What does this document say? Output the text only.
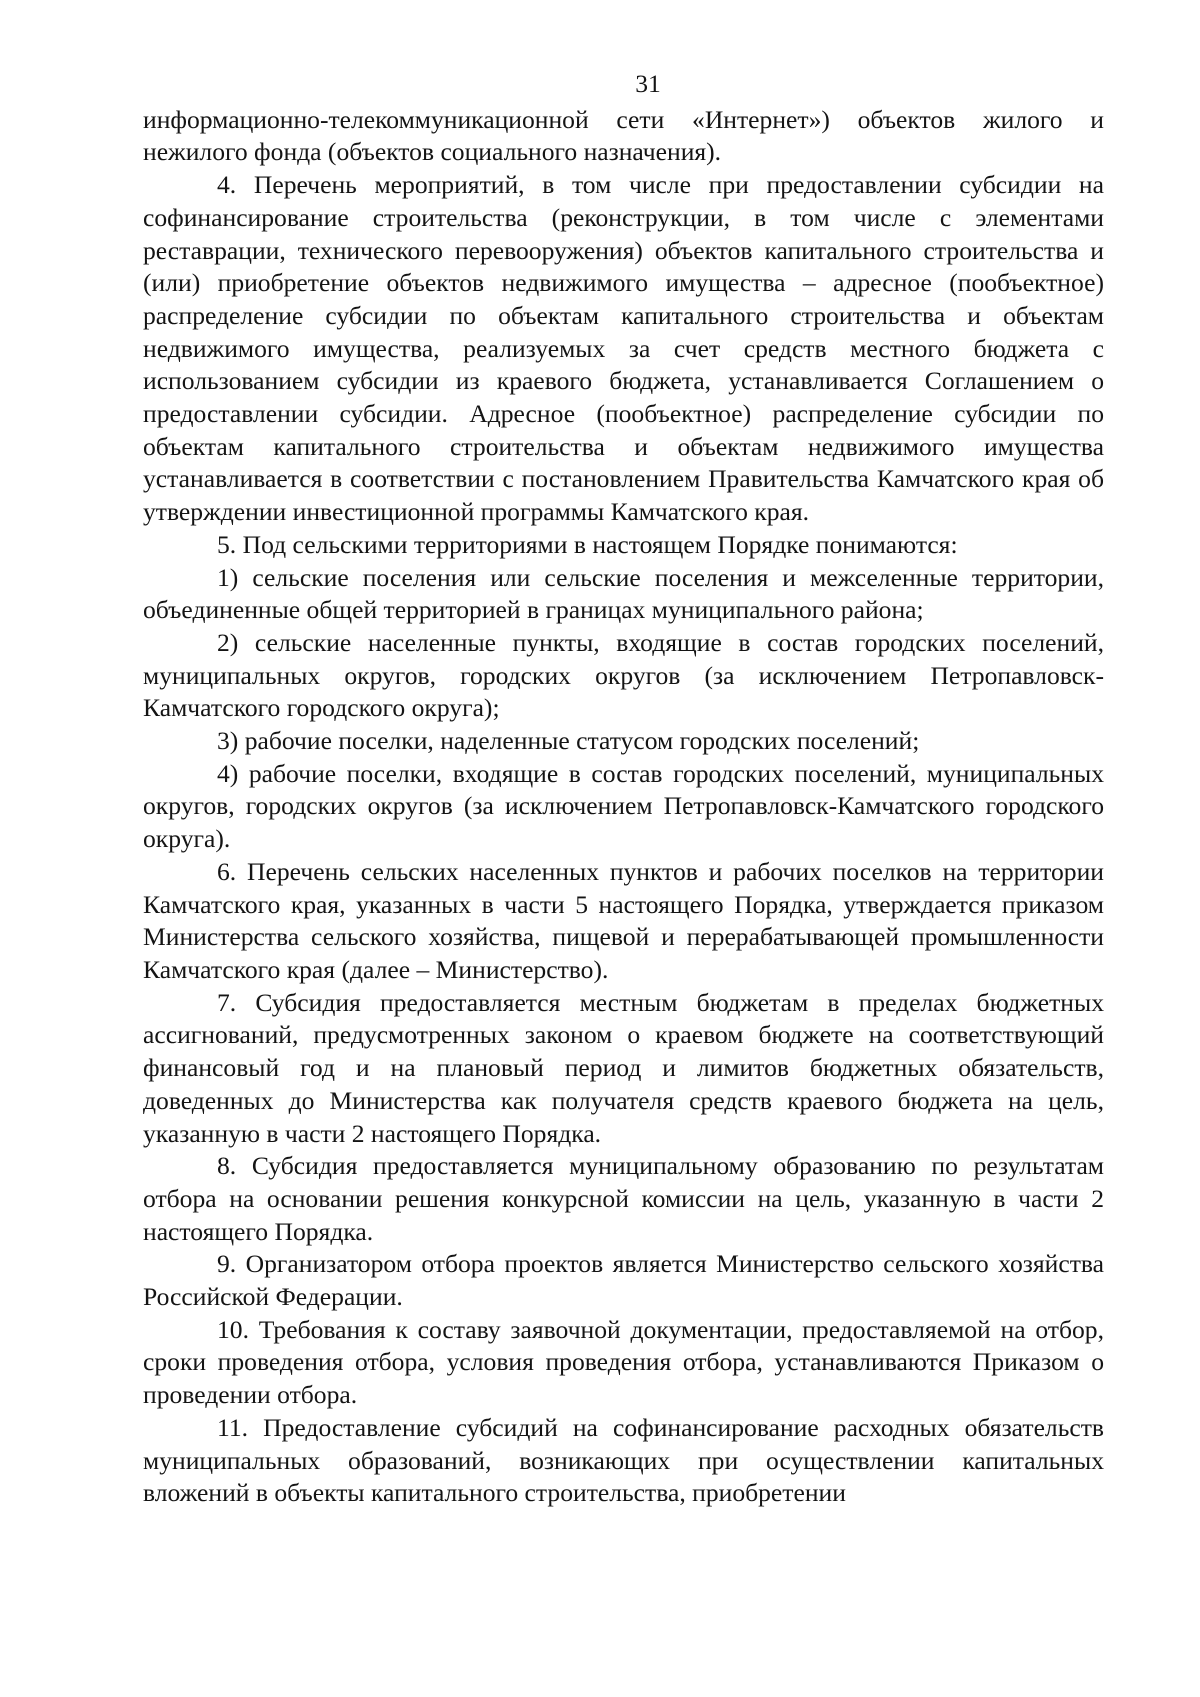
31

информационно-телекоммуникационной сети «Интернет») объектов жилого и нежилого фонда (объектов социального назначения).

4. Перечень мероприятий, в том числе при предоставлении субсидии на софинансирование строительства (реконструкции, в том числе с элементами реставрации, технического перевооружения) объектов капитального строительства и (или) приобретение объектов недвижимого имущества – адресное (пообъектное) распределение субсидии по объектам капитального строительства и объектам недвижимого имущества, реализуемых за счет средств местного бюджета с использованием субсидии из краевого бюджета, устанавливается Соглашением о предоставлении субсидии. Адресное (пообъектное) распределение субсидии по объектам капитального строительства и объектам недвижимого имущества устанавливается в соответствии с постановлением Правительства Камчатского края об утверждении инвестиционной программы Камчатского края.

5. Под сельскими территориями в настоящем Порядке понимаются:

1) сельские поселения или сельские поселения и межселенные территории, объединенные общей территорией в границах муниципального района;

2) сельские населенные пункты, входящие в состав городских поселений, муниципальных округов, городских округов (за исключением Петропавловск-Камчатского городского округа);

3) рабочие поселки, наделенные статусом городских поселений;

4) рабочие поселки, входящие в состав городских поселений, муниципальных округов, городских округов (за исключением Петропавловск-Камчатского городского округа).

6. Перечень сельских населенных пунктов и рабочих поселков на территории Камчатского края, указанных в части 5 настоящего Порядка, утверждается приказом Министерства сельского хозяйства, пищевой и перерабатывающей промышленности Камчатского края (далее – Министерство).

7. Субсидия предоставляется местным бюджетам в пределах бюджетных ассигнований, предусмотренных законом о краевом бюджете на соответствующий финансовый год и на плановый период и лимитов бюджетных обязательств, доведенных до Министерства как получателя средств краевого бюджета на цель, указанную в части 2 настоящего Порядка.

8. Субсидия предоставляется муниципальному образованию по результатам отбора на основании решения конкурсной комиссии на цель, указанную в части 2 настоящего Порядка.

9. Организатором отбора проектов является Министерство сельского хозяйства Российской Федерации.

10. Требования к составу заявочной документации, предоставляемой на отбор, сроки проведения отбора, условия проведения отбора, устанавливаются Приказом о проведении отбора.

11. Предоставление субсидий на софинансирование расходных обязательств муниципальных образований, возникающих при осуществлении капитальных вложений в объекты капитального строительства, приобретении
